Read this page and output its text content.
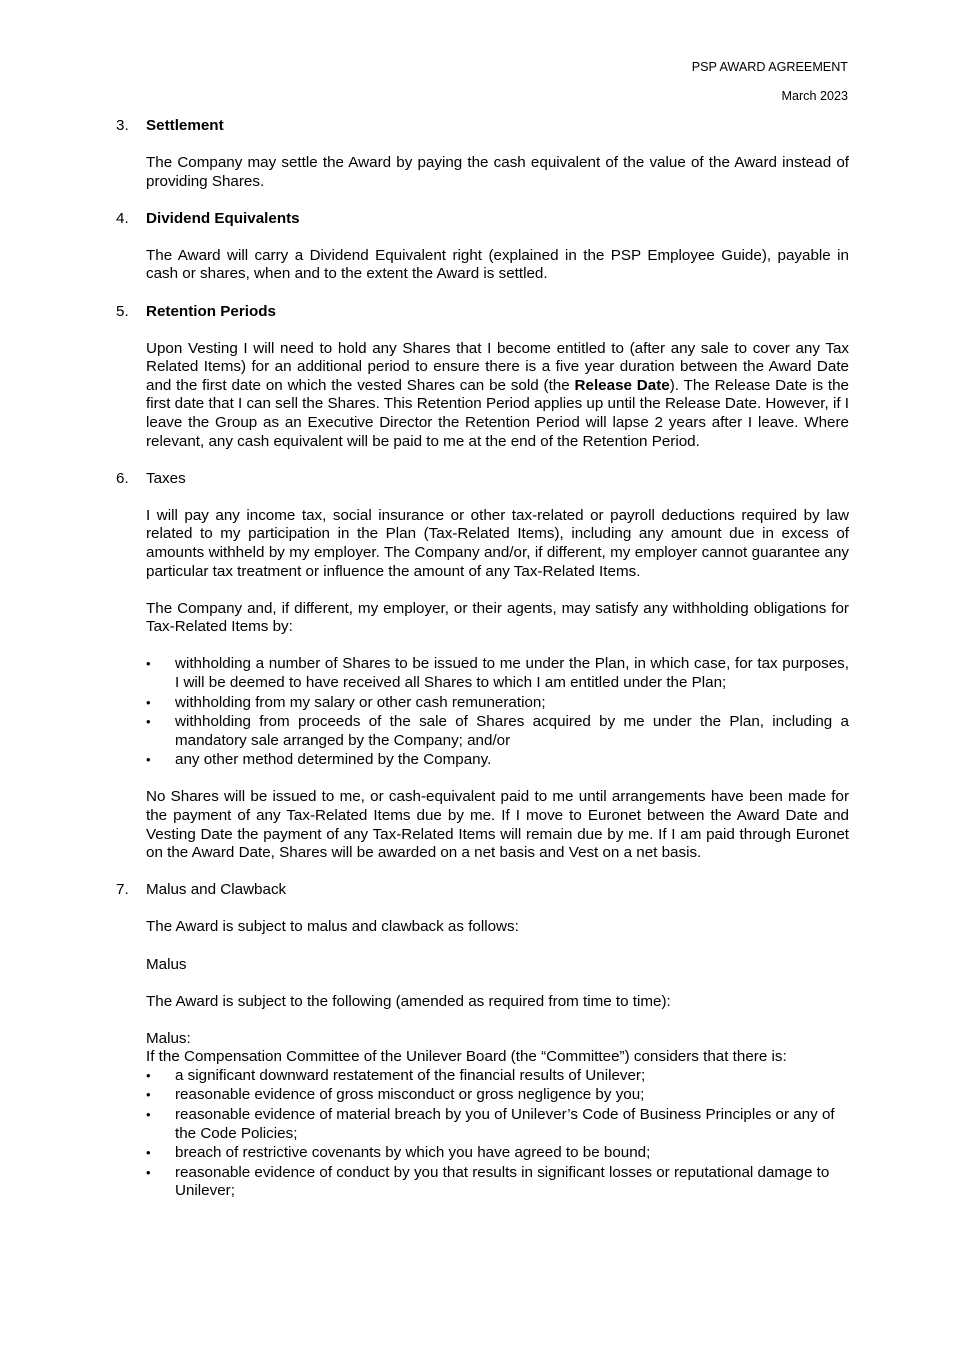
PSP AWARD AGREEMENT
March 2023
3.	Settlement
The Company may settle the Award by paying the cash equivalent of the value of the Award instead of providing Shares.
4.	Dividend Equivalents
The Award will carry a Dividend Equivalent right (explained in the PSP Employee Guide), payable in cash or shares, when and to the extent the Award is settled.
5.	Retention Periods
Upon Vesting I will need to hold any Shares that I become entitled to (after any sale to cover any Tax Related Items) for an additional period to ensure there is a five year duration between the Award Date and the first date on which the vested Shares can be sold (the Release Date). The Release Date is the first date that I can sell the Shares. This Retention Period applies up until the Release Date. However, if I leave the Group as an Executive Director the Retention Period will lapse 2 years after I leave. Where relevant, any cash equivalent will be paid to me at the end of the Retention Period.
6.	Taxes
I will pay any income tax, social insurance or other tax-related or payroll deductions required by law related to my participation in the Plan (Tax-Related Items), including any amount due in excess of amounts withheld by my employer. The Company and/or, if different, my employer cannot guarantee any particular tax treatment or influence the amount of any Tax-Related Items.
The Company and, if different, my employer, or their agents, may satisfy any withholding obligations for Tax-Related Items by:
•	withholding a number of Shares to be issued to me under the Plan, in which case, for tax purposes, I will be deemed to have received all Shares to which I am entitled under the Plan;
•	withholding from my salary or other cash remuneration;
•	withholding from proceeds of the sale of Shares acquired by me under the Plan, including a mandatory sale arranged by the Company; and/or
•	any other method determined by the Company.
No Shares will be issued to me, or cash-equivalent paid to me until arrangements have been made for the payment of any Tax-Related Items due by me. If I move to Euronet between the Award Date and Vesting Date the payment of any Tax-Related Items will remain due by me. If I am paid through Euronet on the Award Date, Shares will be awarded on a net basis and Vest on a net basis.
7.	Malus and Clawback
The Award is subject to malus and clawback as follows:
Malus
The Award is subject to the following (amended as required from time to time):
Malus:
If the Compensation Committee of the Unilever Board (the “Committee”) considers that there is:
•	a significant downward restatement of the financial results of Unilever;
•	reasonable evidence of gross misconduct or gross negligence by you;
•	reasonable evidence of material breach by you of Unilever’s Code of Business Principles or any of the Code Policies;
•	breach of restrictive covenants by which you have agreed to be bound;
•	reasonable evidence of conduct by you that results in significant losses or reputational damage to Unilever;
